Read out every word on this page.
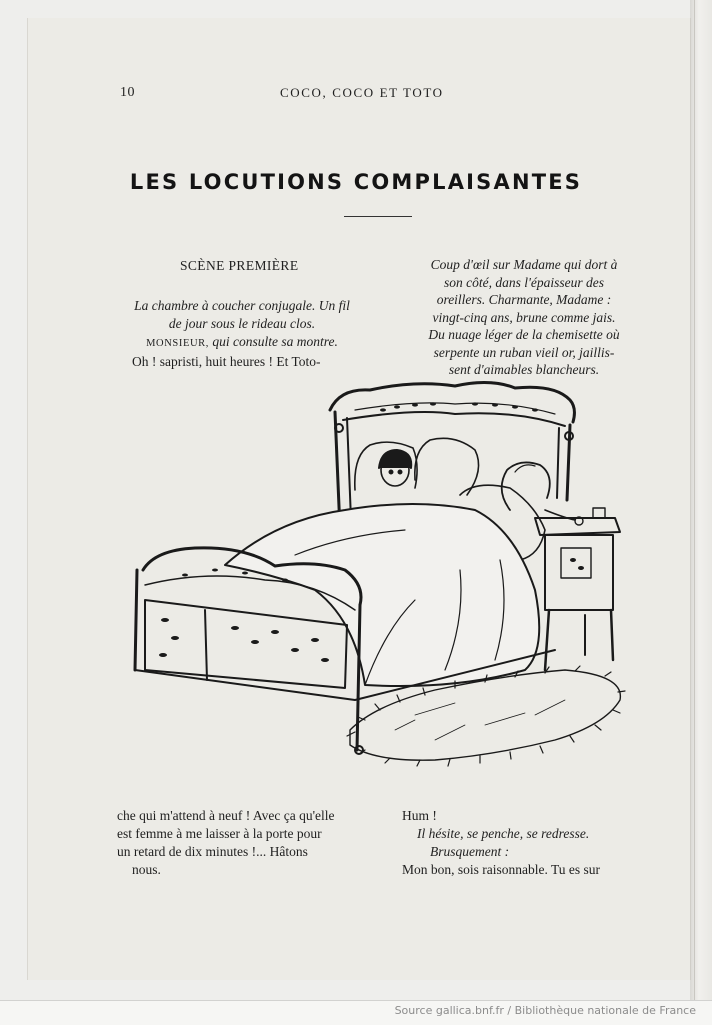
10	COCO, COCO ET TOTO
LES LOCUTIONS COMPLAISANTES
SCÈNE PREMIÈRE
La chambre à coucher conjugale. Un fil
de jour sous le rideau clos.
MONSIEUR, qui consulte sa montre.
Oh ! sapristi, huit heures ! Et Toto-
Coup d'œil sur Madame qui dort à
son côté, dans l'épaisseur des
oreillers. Charmante, Madame :
vingt-cinq ans, brune comme jais.
Du nuage léger de la chemisette où
serpente un ruban vieil or, jaillis-
sent d'aimables blancheurs.
che qui m'attend à neuf ! Avec ça qu'elle
est femme à me laisser à la porte pour
un retard de dix minutes !... Hâtons
nous.
Hum !
Il hésite, se penche, se redresse.
Brusquement :
Mon bon, sois raisonnable. Tu es sur
Source gallica.bnf.fr / Bibliothèque nationale de France
